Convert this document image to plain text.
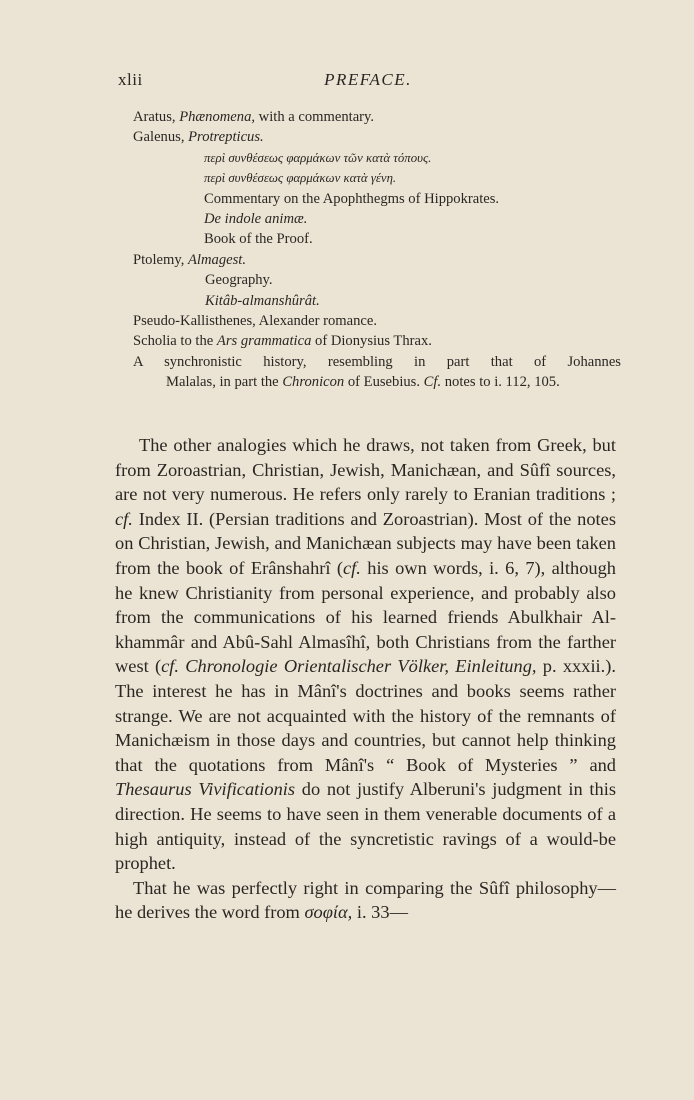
xlii	PREFACE.
Aratus, Phænomena, with a commentary.
Galenus, Protrepticus.
περὶ συνθέσεως φαρμάκων τῶν κατὰ τόπους.
περὶ συνθέσεως φαρμάκων κατὰ γένη.
Commentary on the Apophthegms of Hippokrates.
De indole animæ.
Book of the Proof.
Ptolemy, Almagest.
Geography.
Kitâb-almanshûrât.
Pseudo-Kallisthenes, Alexander romance.
Scholia to the Ars grammatica of Dionysius Thrax.
A synchronistic history, resembling in part that of Johannes
Malalas, in part the Chronicon of Eusebius. Cf. notes to i. 112, 105.

The other analogies which he draws, not taken from Greek, but from Zoroastrian, Christian, Jewish, Manichæan, and Sûfî sources, are not very numerous. He refers only rarely to Eranian traditions ; cf. Index II. (Persian traditions and Zoroastrian). Most of the notes on Christian, Jewish, and Manichæan subjects may have been taken from the book of Erânshahrî (cf. his own words, i. 6, 7), although he knew Christianity from personal experience, and probably also from the communications of his learned friends Abulkhair Al-khammâr and Abû-Sahl Almasîhî, both Christians from the farther west (cf. Chronologie Orientalischer Völker, Einleitung, p. xxxii.). The interest he has in Mânî's doctrines and books seems rather strange. We are not acquainted with the history of the remnants of Manichæism in those days and countries, but cannot help thinking that the quotations from Mânî's “ Book of Mysteries ” and Thesaurus Vivificationis do not justify Alberuni's judgment in this direction. He seems to have seen in them venerable documents of a high antiquity, instead of the syncretistic ravings of a would-be prophet.

That he was perfectly right in comparing the Sûfî philosophy—he derives the word from σοφία, i. 33—
